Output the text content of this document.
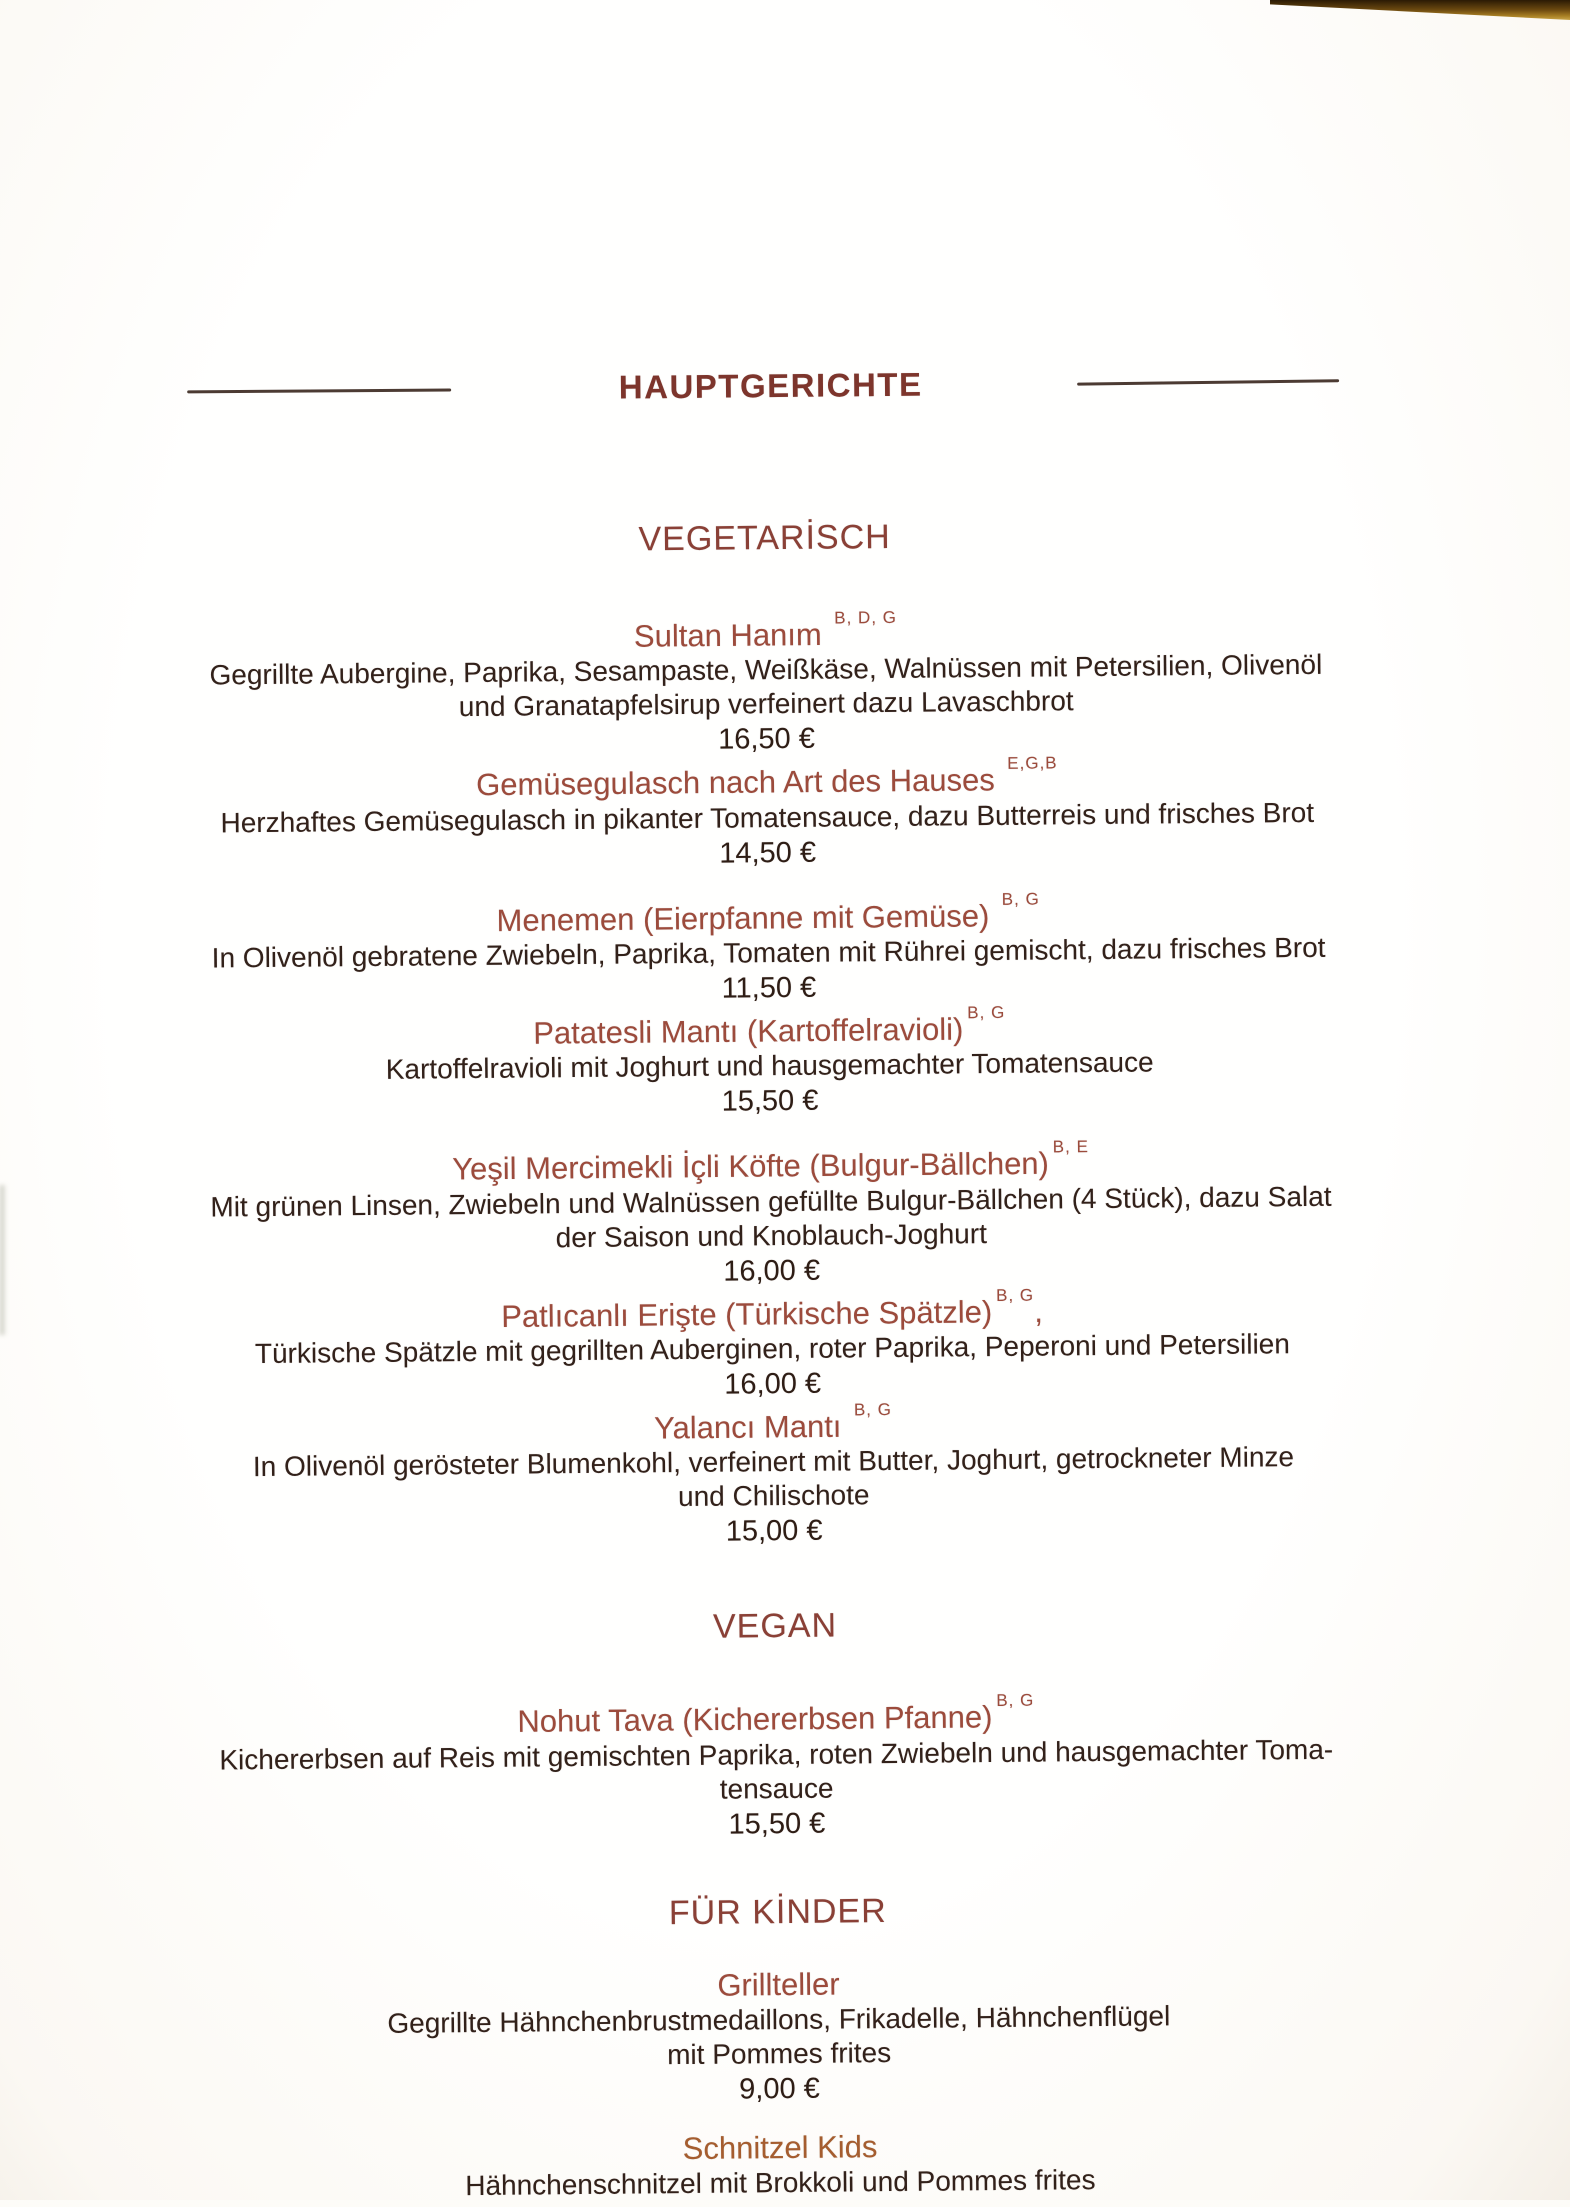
HAUPTGERICHTE
VEGETARİSCH
Sultan Hanım $^{B, D, G}$
Gegrillte Aubergine, Paprika, Sesampaste, Weißkäse, Walnüssen mit Petersilien, Olivenöl
und Granatapfelsirup verfeinert dazu Lavaschbrot
16,50 €
Gemüsegulasch nach Art des Hauses $^{E,G,B}$
Herzhaftes Gemüsegulasch in pikanter Tomatensauce, dazu Butterreis und frisches Brot
14,50 €
Menemen (Eierpfanne mit Gemüse) $^{B, G}$
In Olivenöl gebratene Zwiebeln, Paprika, Tomaten mit Rührei gemischt, dazu frisches Brot
11,50 €
Patatesli Mantı (Kartoffelravioli) $^{B, G}$
Kartoffelravioli mit Joghurt und hausgemachter Tomatensauce
15,50 €
Yeşil Mercimekli İçli Köfte (Bulgur-Bällchen) $^{B, E}$
Mit grünen Linsen, Zwiebeln und Walnüssen gefüllte Bulgur-Bällchen (4 Stück), dazu Salat
der Saison und Knoblauch-Joghurt
16,00 €
Patlıcanlı Erişte (Türkische Spätzle) $^{B, G}$,
Türkische Spätzle mit gegrillten Auberginen, roter Paprika, Peperoni und Petersilien
16,00 €
Yalancı Mantı $^{B, G}$
In Olivenöl gerösteter Blumenkohl, verfeinert mit Butter, Joghurt, getrockneter Minze
und Chilischote
15,00 €
VEGAN
Nohut Tava (Kichererbsen Pfanne) $^{B, G}$
Kichererbsen auf Reis mit gemischten Paprika, roten Zwiebeln und hausgemachter Toma-
tensauce
15,50 €
FÜR KİNDER
Grillteller
Gegrillte Hähnchenbrustmedaillons, Frikadelle, Hähnchenflügel
mit Pommes frites
9,00 €
Schnitzel Kids
Hähnchenschnitzel mit Brokkoli und Pommes frites
